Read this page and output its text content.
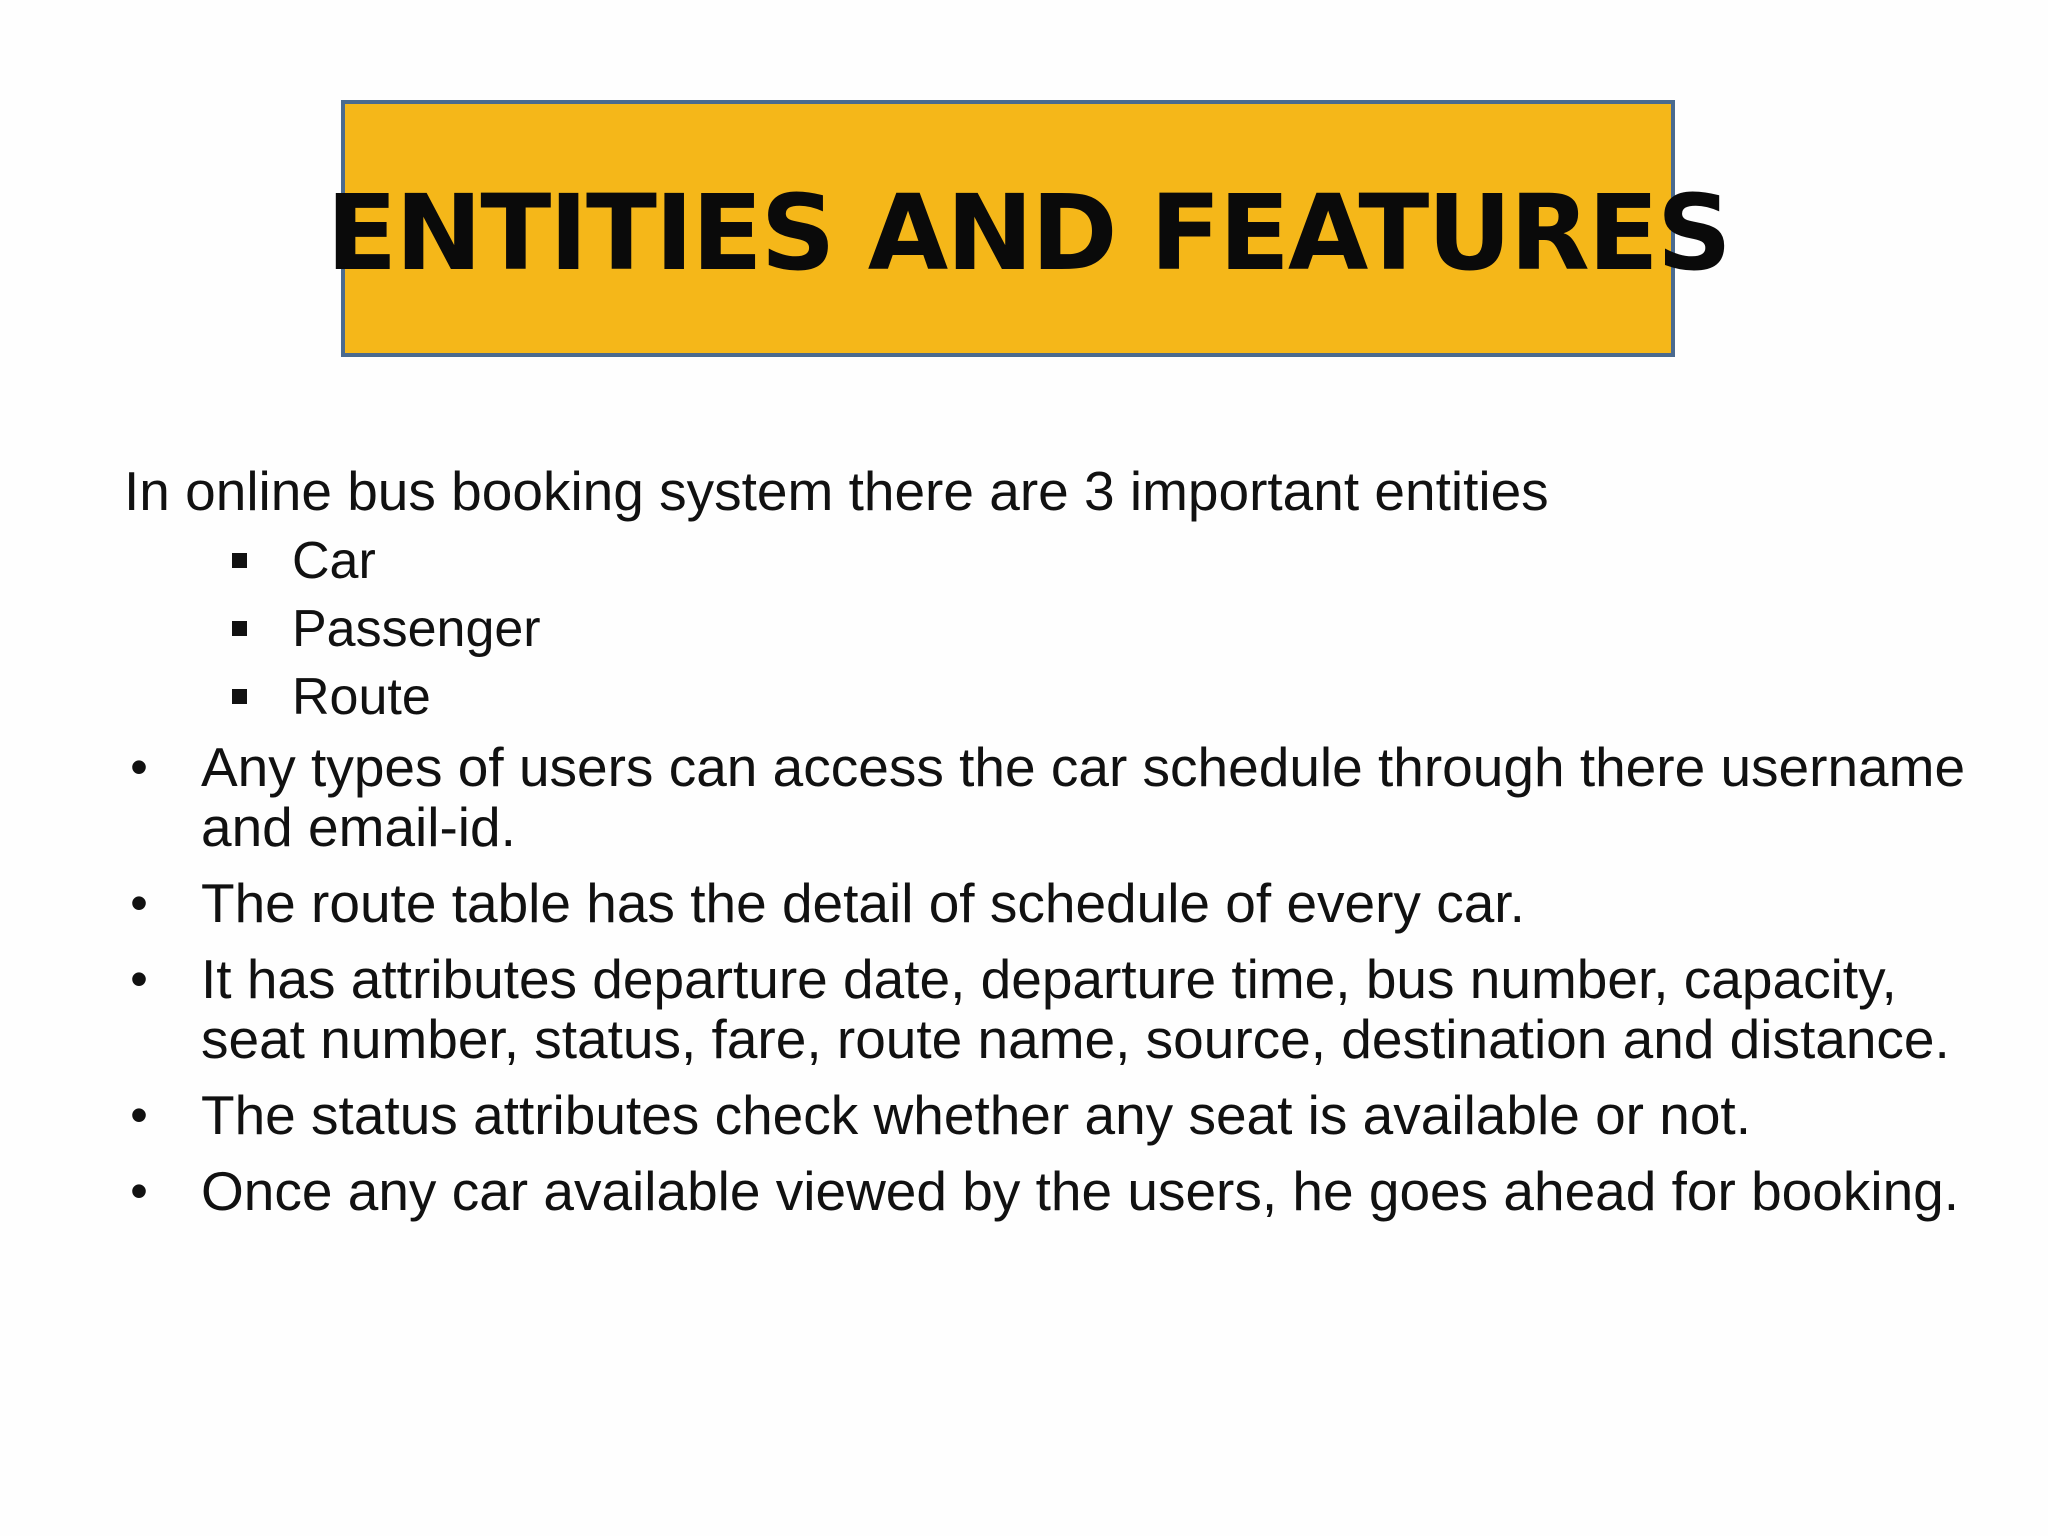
ENTITIES AND FEATURES

In online bus booking system there are 3 important entities

Car
Passenger
Route
• Any types of users can access the car schedule through there username and email-id.
• The route table has the detail of schedule of every car.
• It has attributes departure date, departure time, bus number, capacity, seat number, status, fare, route name, source, destination and distance.
• The status attributes check whether any seat is available or not.
• Once any car available viewed by the users, he goes ahead for booking.
